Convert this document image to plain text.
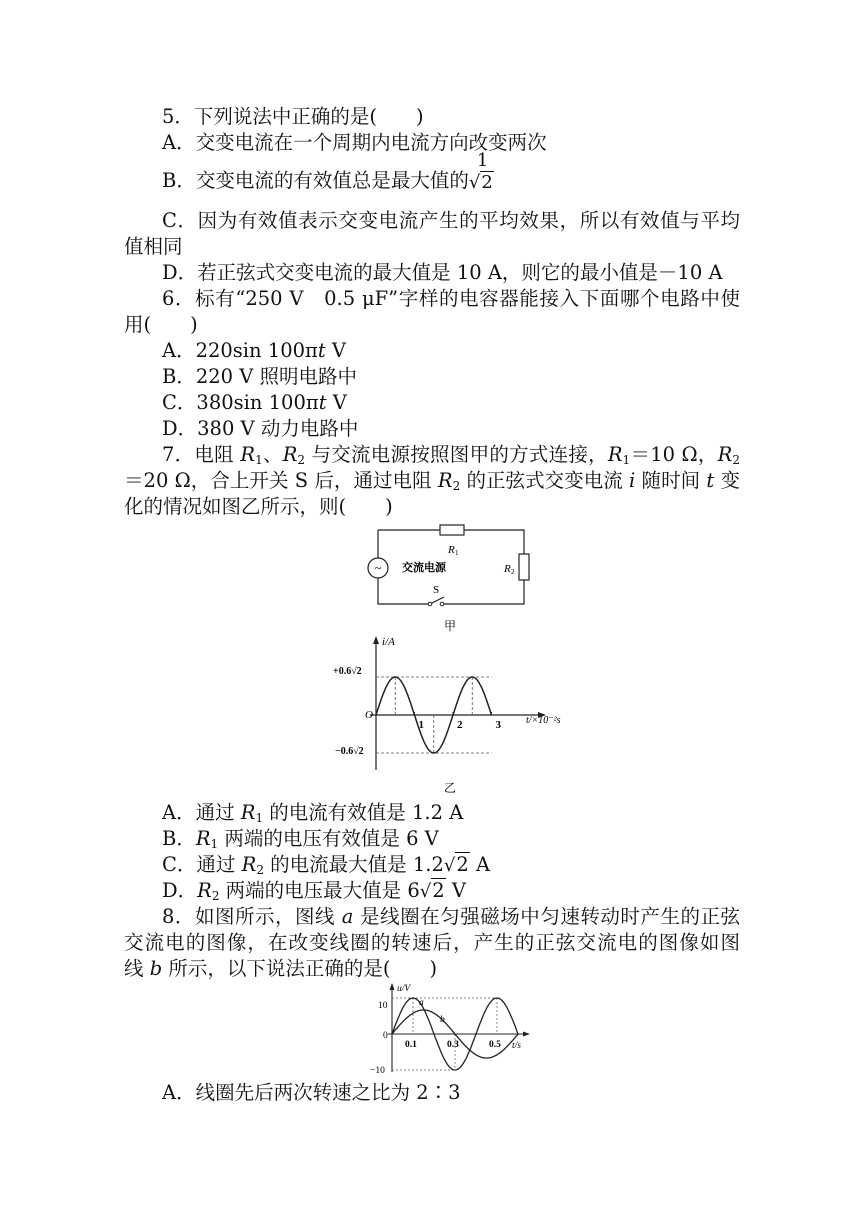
5．下列说法中正确的是(　　)
A．交变电流在一个周期内电流方向改变两次
B．交变电流的有效值总是最大值的
1
√2
C．因为有效值表示交变电流产生的平均效果，所以有效值与平均
值相同
D．若正弦式交变电流的最大值是 10 A，则它的最小值是－10 A
6．标有“250 V　0.5 μF”字样的电容器能接入下面哪个电路中使
用(　　)
A．220sin 100πt V
B．220 V 照明电路中
C．380sin 100πt V
D．380 V 动力电路中
7．电阻 $R_1$、$R_2$ 与交流电源按照图甲的方式连接，$R_1=10$ Ω，$R_2$
＝20 Ω，合上开关 S 后，通过电阻 $R_2$ 的正弦式交变电流 i 随时间 t 变
化的情况如图乙所示，则(　　)
~ 交流电源
R 1
R 2
S
甲
1	2	3
i/A
t/×10⁻²s
O
+0.6√2
−0.6√2
乙
A．通过 $R_1$ 的电流有效值是 1.2 A
B．$R_1$ 两端的电压有效值是 6 V
C．通过 $R_2$ 的电流最大值是 1.2√2 A
D．$R_2$ 两端的电压最大值是 6√2 V
8．如图所示，图线 a 是线圈在匀强磁场中匀速转动时产生的正弦
交流电的图像，在改变线圈的转速后，产生的正弦交流电的图像如图
线 b 所示，以下说法正确的是(　　)
0.1	0.3	0.5
u/V
t/s
0
10
−10
a
b
A．线圈先后两次转速之比为 2∶3
